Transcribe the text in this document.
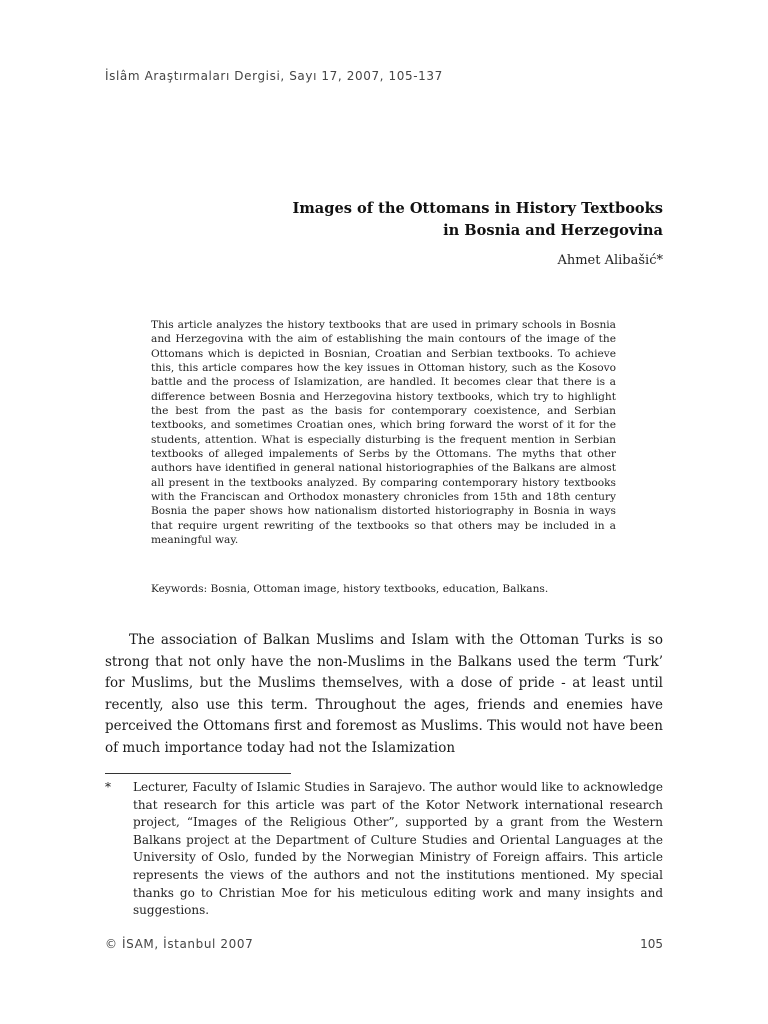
İslâm Araştırmaları Dergisi, Sayı 17, 2007, 105-137
Images of the Ottomans in History Textbooks
in Bosnia and Herzegovina
Ahmet Alibašić*

This article analyzes the history textbooks that are used in primary schools in Bosnia and Herzegovina with the aim of establishing the main contours of the image of the Ottomans which is depicted in Bosnian, Croatian and Serbian textbooks. To achieve this, this article compares how the key issues in Ottoman history, such as the Kosovo battle and the process of Islamization, are handled. It becomes clear that there is a difference between Bosnia and Herzegovina history textbooks, which try to highlight the best from the past as the basis for contemporary coexistence, and Serbian textbooks, and sometimes Croatian ones, which bring forward the worst of it for the students, attention. What is especially disturbing is the frequent mention in Serbian textbooks of alleged impalements of Serbs by the Ottomans. The myths that other authors have identified in general national historiographies of the Balkans are almost all present in the textbooks analyzed. By comparing contemporary history textbooks with the Franciscan and Orthodox monastery chronicles from 15th and 18th century Bosnia the paper shows how nationalism distorted historiography in Bosnia in ways that require urgent rewriting of the textbooks so that others may be included in a meaningful way.

Keywords: Bosnia, Ottoman image, history textbooks, education, Balkans.

The association of Balkan Muslims and Islam with the Ottoman Turks is so strong that not only have the non-Muslims in the Balkans used the term ‘Turk’ for Muslims, but the Muslims themselves, with a dose of pride - at least until recently, also use this term. Throughout the ages, friends and enemies have perceived the Ottomans first and foremost as Muslims. This would not have been of much importance today had not the Islamization

* Lecturer, Faculty of Islamic Studies in Sarajevo. The author would like to acknowledge that research for this article was part of the Kotor Network international research project, “Images of the Religious Other”, supported by a grant from the Western Balkans project at the Department of Culture Studies and Oriental Languages at the University of Oslo, funded by the Norwegian Ministry of Foreign affairs. This article represents the views of the authors and not the institutions mentioned. My special thanks go to Christian Moe for his meticulous editing work and many insights and suggestions.

© İSAM, İstanbul 2007	105
